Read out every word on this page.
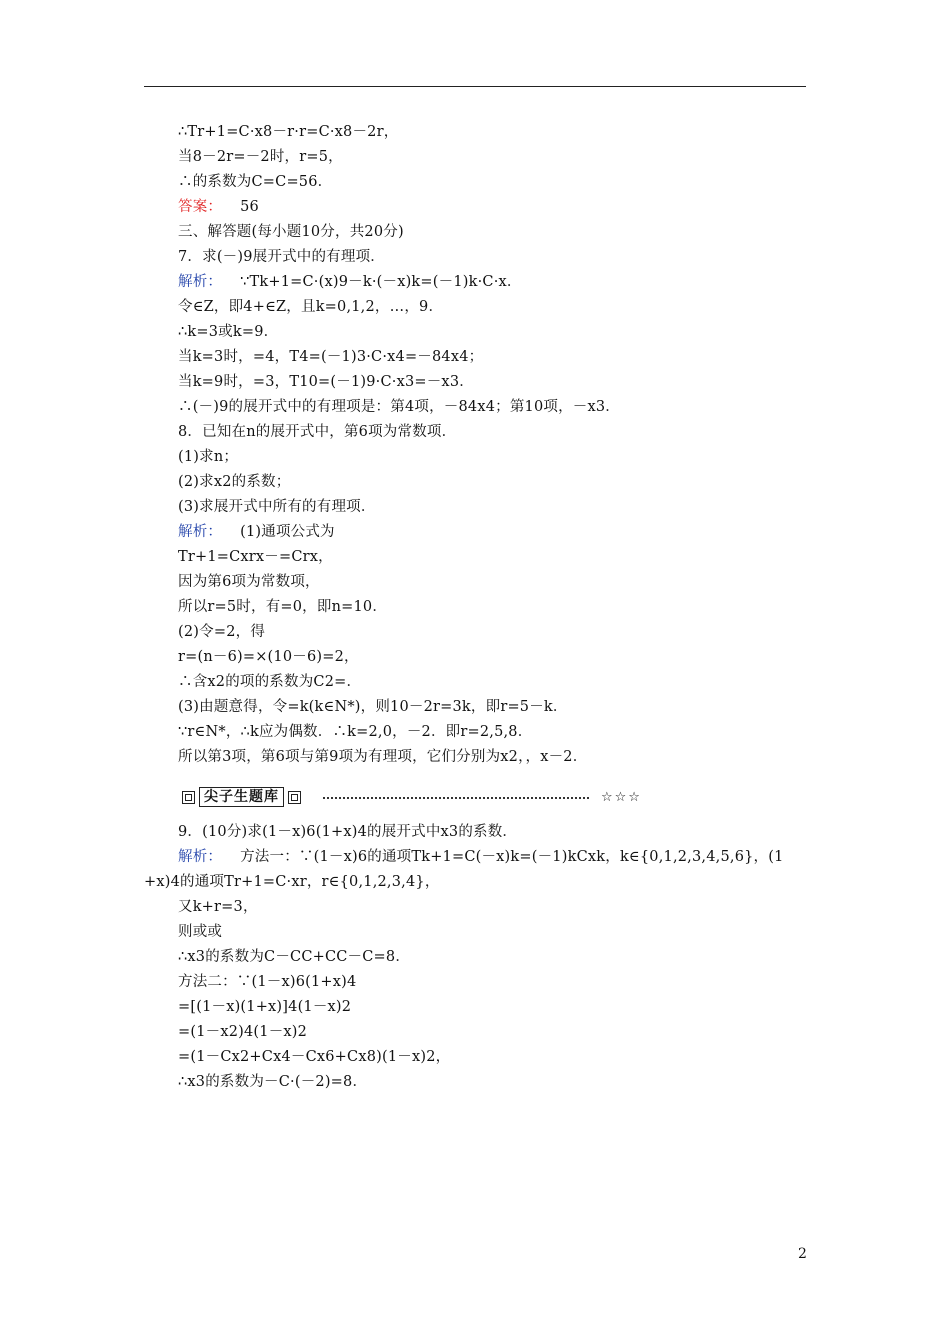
∴Tr+1=C·x8－r·r=C·x8－2r，
当8－2r=－2时，r=5，
∴的系数为C=C=56．
答案： 56
三、解答题(每小题10分，共20分)
7．求(－)9展开式中的有理项．
解析： ∵Tk+1=C·(x)9－k·(－x)k=(－1)k·C·x．
令∈Z，即4+∈Z，且k=0,1,2，…，9．
∴k=3或k=9．
当k=3时，=4，T4=(－1)3·C·x4=－84x4；
当k=9时，=3，T10=(－1)9·C·x3=－x3．
∴(－)9的展开式中的有理项是：第4项，－84x4；第10项，－x3．
8．已知在n的展开式中，第6项为常数项．
(1)求n；
(2)求x2的系数；
(3)求展开式中所有的有理项．
解析： (1)通项公式为
Tr+1=Cxrx－=Crx，
因为第6项为常数项，
所以r=5时，有=0，即n=10．
(2)令=2，得
r=(n－6)=×(10－6)=2，
∴含x2的项的系数为C2=．
(3)由题意得，令=k(k∈N*)，则10－2r=3k，即r=5－k．
∵r∈N*，∴k应为偶数．∴k=2,0，－2．即r=2,5,8．
所以第3项，第6项与第9项为有理项，它们分别为x2，，x－2．
尖子生题库	☆☆☆
9．(10分)求(1－x)6(1+x)4的展开式中x3的系数．
解析： 方法一：∵(1－x)6的通项Tk+1=C(－x)k=(－1)kCxk，k∈{0,1,2,3,4,5,6}，(1
+x)4的通项Tr+1=C·xr，r∈{0,1,2,3,4}，
又k+r=3，
则或或
∴x3的系数为C－CC+CC－C=8．
方法二：∵(1－x)6(1+x)4
=[(1－x)(1+x)]4(1－x)2
=(1－x2)4(1－x)2
=(1－Cx2+Cx4－Cx6+Cx8)(1－x)2，
∴x3的系数为－C·(－2)=8．
2
